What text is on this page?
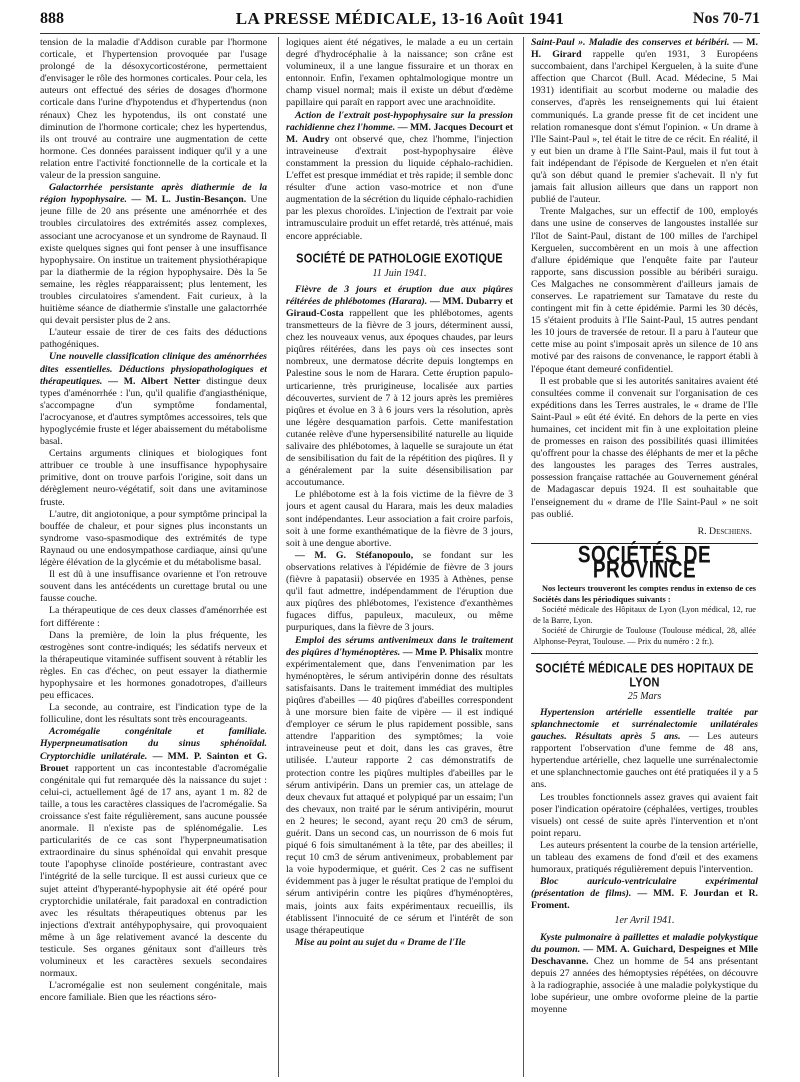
LA PRESSE MÉDICALE, 13-16 Août 1941
888	Nos 70-71

tension de la maladie d'Addison curable par l'hormone corticale, et l'hypertension provoquée par l'usage prolongé de la désoxycorticostérone, permettaient d'envisager le rôle des hormones corticales. Pour cela, les auteurs ont effectué des séries de dosages d'hormone corticale dans l'urine d'hypotendus et d'hypertendus (non rénaux) Chez les hypotendus, ils ont constaté une diminution de l'hormone corticale; chez les hypertendus, ils ont trouvé au contraire une augmentation de cette hormone. Ces données paraissent indiquer qu'il y a une relation entre l'activité fonctionnelle de la corticale et la valeur de la pression sanguine.

Galactorrhée persistante après diathermie de la région hypophysaire. — M. L. Justin-Besançon. Une jeune fille de 20 ans présente une aménorrhée et des troubles circulatoires des extrémités assez complexes, associant une acrocyanose et un syndrome de Raynaud. Il existe quelques signes qui font penser à une insuffisance hypophysaire. On institue un traitement physiothérapique par la diathermie de la région hypophysaire. Dès la 5e semaine, les règles réapparaissent; plus lentement, les troubles circulatoires s'amendent. Fait curieux, à la huitième séance de diathermie s'installe une galactorrhée qui devait persister plus de 2 ans.

L'auteur essaie de tirer de ces faits des déductions pathogéniques.

Une nouvelle classification clinique des aménorrhées dites essentielles. Déductions physiopathologiques et thérapeutiques. — M. Albert Netter distingue deux types d'aménorrhée : l'un, qu'il qualifie d'angiasthénique, s'accompagne d'un symptôme fondamental, l'acrocyanose, et d'autres symptômes accessoires, tels que hypoglycémie fruste et léger abaissement du métabolisme basal.

Certains arguments cliniques et biologiques font attribuer ce trouble à une insuffisance hypophysaire primitive, dont on trouve parfois l'origine, soit dans un dérèglement neuro-végétatif, soit dans une avitaminose fruste.

L'autre, dit angiotonique, a pour symptôme principal la bouffée de chaleur, et pour signes plus inconstants un syndrome vaso-spasmodique des extrémités de type Raynaud ou une endosympathose cardiaque, ainsi qu'une légère élévation de la glycémie et du métabolisme basal.

Il est dû à une insuffisance ovarienne et l'on retrouve souvent dans les antécédents un curettage brutal ou une fausse couche.

La thérapeutique de ces deux classes d'aménorrhée est fort différente :

Dans la première, de loin la plus fréquente, les œstrogènes sont contre-indiqués; les sédatifs nerveux et la thérapeutique vitaminée suffisent souvent à rétablir les règles. En cas d'échec, on peut essayer la diathermie hypophysaire et les hormones gonadotropes, d'ailleurs peu efficaces.

La seconde, au contraire, est l'indication type de la folliculine, dont les résultats sont très encourageants.

Acromégalie congénitale et familiale. Hyperpneumatisation du sinus sphénoïdal. Cryptorchidie unilatérale. — MM. P. Sainton et G. Brouet rapportent un cas incontestable d'acromégalie congénitale qui fut remarquée dès la naissance du sujet : celui-ci, actuellement âgé de 17 ans, ayant 1 m. 82 de taille, a tous les caractères classiques de l'acromégalie. Sa croissance s'est faite régulièrement, sans aucune poussée anormale. Il n'existe pas de splénomégalie. Les particularités de ce cas sont l'hyperpneumatisation extraordinaire du sinus sphénoïdal qui envahit presque toute l'apophyse clinoïde postérieure, contrastant avec l'intégrité de la selle turcique. Il est aussi curieux que ce sujet atteint d'hyperanté-hypophysie ait été opéré pour cryptorchidie unilatérale, fait paradoxal en contradiction avec les résultats thérapeutiques obtenus par les injections d'extrait antéhypophysaire, qui provoquaient même à un âge relativement avancé la descente du testicule. Ses organes génitaux sont d'ailleurs très volumineux et les caractères sexuels secondaires normaux.

L'acromégalie est non seulement congénitale, mais encore familiale. Bien que les réactions séro-

logiques aient été négatives, le malade a eu un certain degré d'hydrocéphalie à la naissance; son crâne est volumineux, il a une langue fissuraire et un thorax en entonnoir. Enfin, l'examen ophtalmologique montre un champ visuel normal; mais il existe un début d'œdème papillaire qui paraît en rapport avec une arachnoïdite.

Action de l'extrait post-hypophysaire sur la pression rachidienne chez l'homme. — MM. Jacques Decourt et M. Audry ont observé que, chez l'homme, l'injection intraveineuse d'extrait post-hypophysaire élève constamment la pression du liquide céphalo-rachidien. L'effet est presque immédiat et très rapide; il semble donc résulter d'une action vaso-motrice et non d'une augmentation de la sécrétion du liquide céphalo-rachidien par les plexus choroïdes. L'injection de l'extrait par voie intramusculaire produit un effet retardé, très atténué, mais encore appréciable.

SOCIÉTÉ DE PATHOLOGIE EXOTIQUE
11 Juin 1941.

Fièvre de 3 jours et éruption due aux piqûres réitérées de phlébotomes (Harara). — MM. Dubarry et Giraud-Costa rappellent que les phlébotomes, agents transmetteurs de la fièvre de 3 jours, déterminent aussi, chez les nouveaux venus, aux époques chaudes, par leurs piqûres réitérées, dans les pays où ces insectes sont nombreux, une dermatose décrite depuis longtemps en Palestine sous le nom de Harara. Cette éruption papulo-urticarienne, très prurigineuse, localisée aux parties découvertes, survient de 7 à 12 jours après les premières piqûres et évolue en 3 à 6 jours vers la résolution, après une légère desquamation parfois. Cette manifestation cutanée relève d'une hypersensibilité naturelle au liquide salivaire des phlébotomes, à laquelle se surajoute un état de sensibilisation du fait de la répétition des piqûres. Il y a généralement par la suite désensibilisation par accoutumance.

Le phlébotome est à la fois victime de la fièvre de 3 jours et agent causal du Harara, mais les deux maladies sont indépendantes. Leur association a fait croire parfois, soit à une forme exanthématique de la fièvre de 3 jours, soit à une dengue abortive.

— M. G. Stéfanopoulo, se fondant sur les observations relatives à l'épidémie de fièvre de 3 jours (fièvre à papatasii) observée en 1935 à Athènes, pense qu'il faut admettre, indépendamment de l'éruption due aux piqûres des phlébotomes, l'existence d'exanthèmes fugaces diffus, papuleux, maculeux, ou même purpuriques, dans la fièvre de 3 jours.

Emploi des sérums antivenimeux dans le traitement des piqûres d'hyménoptères. — Mme P. Phisalix montre expérimentalement que, dans l'envenimation par les hyménoptères, le sérum antivipérin donne des résultats satisfaisants. Dans le traitement immédiat des multiples piqûres d'abeilles — 40 piqûres d'abeilles correspondent à une morsure bien faite de vipère — il est indiqué d'employer ce sérum le plus rapidement possible, sans attendre l'apparition des symptômes; la voie intraveineuse peut et doit, dans les cas graves, être utilisée. L'auteur rapporte 2 cas démonstratifs de protection contre les piqûres multiples d'abeilles par le sérum antivipérin. Dans un premier cas, un attelage de deux chevaux fut attaqué et polypiqué par un essaim; l'un des chevaux, non traité par le sérum antivipérin, mourut en 2 heures; le second, ayant reçu 20 cm3 de sérum, guérit. Dans un second cas, un nourrisson de 6 mois fut piqué 6 fois simultanément à la tête, par des abeilles; il reçut 10 cm3 de sérum antivenimeux, probablement par la voie hypodermique, et guérit. Ces 2 cas ne suffisent évidemment pas à juger le résultat pratique de l'emploi du sérum antivipérin contre les piqûres d'hyménoptères, mais, joints aux faits expérimentaux recueillis, ils établissent l'innocuité de ce sérum et l'intérêt de son usage thérapeutique

Mise au point au sujet du « Drame de l'Ile

Saint-Paul ». Maladie des conserves et béribéri. — M. H. Girard rappelle qu'en 1931, 3 Européens succombaient, dans l'archipel Kerguelen, à la suite d'une affection que Charcot (Bull. Acad. Médecine, 5 Mai 1931) identifiait au scorbut moderne ou maladie des conserves, d'après les renseignements qui lui étaient communiqués. La grande presse fit de cet incident une relation romanesque dont s'émut l'opinion. « Un drame à l'Ile Saint-Paul », tel était le titre de ce récit. En réalité, il y eut bien un drame à l'Ile Saint-Paul, mais il fut tout à fait indépendant de l'épisode de Kerguelen et n'en était qu'à son début quand le premier s'achevait. Il n'y fut jamais fait allusion ailleurs que dans un rapport non publié de l'auteur.

Trente Malgaches, sur un effectif de 100, employés dans une usine de conserves de langoustes installée sur l'îlot de Saint-Paul, distant de 100 milles de l'archipel Kerguelen, succombèrent en un mois à une affection d'allure épidémique que l'enquête faite par l'auteur rapporte, sans discussion possible au béribéri suraigu. Ces Malgaches ne consommèrent d'ailleurs jamais de conserves. Le rapatriement sur Tamatave du reste du contingent mit fin à cette épidémie. Parmi les 30 décès, 15 s'étaient produits à l'Ile Saint-Paul, 15 autres pendant les 10 jours de traversée de retour. Il a paru à l'auteur que cette mise au point s'imposait après un silence de 10 ans motivé par des raisons de convenance, le rapport établi à l'époque étant demeuré confidentiel.

Il est probable que si les autorités sanitaires avaient été consultées comme il convenait sur l'organisation de ces expéditions dans les Terres australes, le « drame de l'Ile Saint-Paul » eût été évité. En dehors de la perte en vies humaines, cet incident mit fin à une exploitation pleine de promesses en raison des possibilités quasi illimitées qu'offrent pour la chasse des éléphants de mer et la pêche des langoustes les parages des Terres australes, possession française rattachée au Gouvernement général de Madagascar depuis 1924. Il est souhaitable que l'enseignement du « drame de l'Ile Saint-Paul » ne soit pas oublié.

R. Deschiens.
SOCIÉTÉS DE PROVINCE

Nos lecteurs trouveront les comptes rendus in extenso de ces Sociétés dans les périodiques suivants :

Société médicale des Hôpitaux de Lyon (Lyon médical, 12, rue de la Barre, Lyon.

Société de Chirurgie de Toulouse (Toulouse médical, 28, allée Alphonse-Peyrat, Toulouse. — Prix du numéro : 2 fr.).

SOCIÉTÉ MÉDICALE DES HOPITAUX DE LYON
25 Mars

Hypertension artérielle essentielle traitée par splanchnectomie et surrénalectomie unilatérales gauches. Résultats après 5 ans. — Les auteurs rapportent l'observation d'une femme de 48 ans, hypertendue artérielle, chez laquelle une surrénalectomie et une splanchnectomie gauches ont été pratiquées il y a 5 ans.

Les troubles fonctionnels assez graves qui avaient fait poser l'indication opératoire (céphalées, vertiges, troubles visuels) ont cessé de suite après l'intervention et n'ont point reparu.

Les auteurs présentent la courbe de la tension artérielle, un tableau des examens de fond d'œil et des examens humoraux, pratiqués régulièrement depuis l'intervention.

Bloc auriculo-ventriculaire expérimental (présentation de films). — MM. F. Jourdan et R. Froment.

1er Avril 1941.

Kyste pulmonaire à paillettes et maladie polykystique du poumon. — MM. A. Guichard, Despeignes et Mlle Deschavanne. Chez un homme de 54 ans présentant depuis 27 années des hémoptysies répétées, on découvre à la radiographie, associée à une maladie polykystique du lobe supérieur, une ombre ovoforme pleine de la partie moyenne
